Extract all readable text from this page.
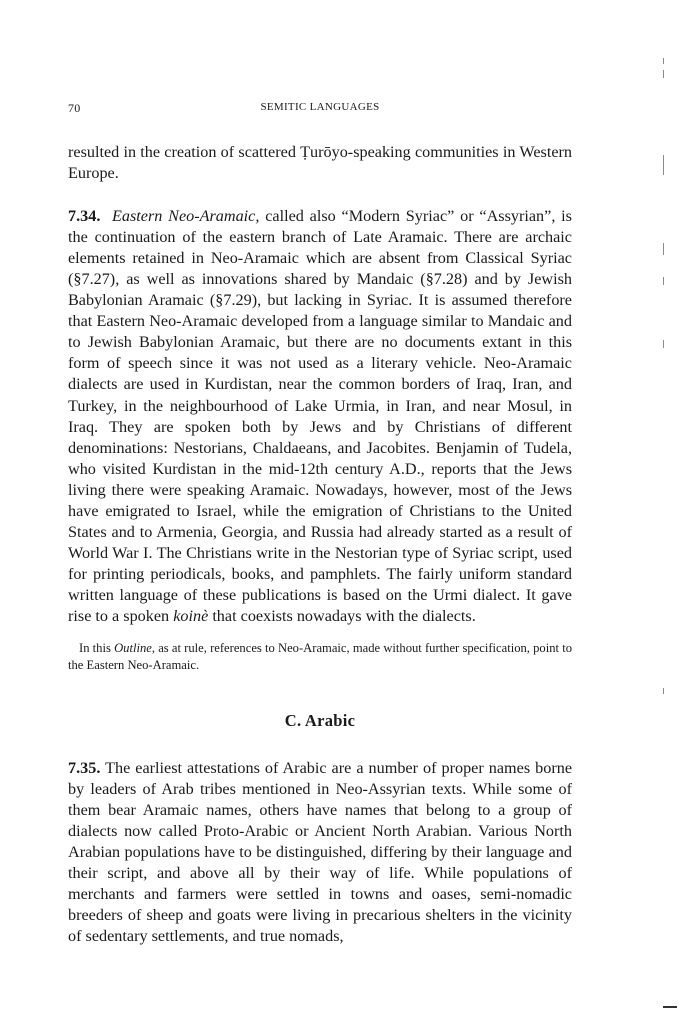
70	SEMITIC LANGUAGES

resulted in the creation of scattered Ṭurōyo-speaking communities in Western Europe.

7.34. Eastern Neo-Aramaic, called also “Modern Syriac” or “Assyrian”, is the continuation of the eastern branch of Late Aramaic. There are archaic elements retained in Neo-Aramaic which are absent from Classical Syriac (§7.27), as well as innovations shared by Mandaic (§7.28) and by Jewish Babylonian Aramaic (§7.29), but lacking in Syriac. It is assumed therefore that Eastern Neo-Aramaic developed from a language similar to Mandaic and to Jewish Babylonian Aramaic, but there are no documents extant in this form of speech since it was not used as a literary vehicle. Neo-Aramaic dialects are used in Kurdistan, near the common borders of Iraq, Iran, and Turkey, in the neighbourhood of Lake Urmia, in Iran, and near Mosul, in Iraq. They are spoken both by Jews and by Christians of different denominations: Nestorians, Chaldaeans, and Jacobites. Benjamin of Tudela, who visited Kurdistan in the mid-12th century A.D., reports that the Jews living there were speaking Aramaic. Nowadays, however, most of the Jews have emigrated to Israel, while the emigration of Christians to the United States and to Armenia, Georgia, and Russia had already started as a result of World War I. The Christians write in the Nestorian type of Syriac script, used for printing periodicals, books, and pamphlets. The fairly uniform standard written language of these publications is based on the Urmi dialect. It gave rise to a spoken koinè that coexists nowadays with the dialects.

In this Outline, as at rule, references to Neo-Aramaic, made without further specification, point to the Eastern Neo-Aramaic.

C. Arabic

7.35. The earliest attestations of Arabic are a number of proper names borne by leaders of Arab tribes mentioned in Neo-Assyrian texts. While some of them bear Aramaic names, others have names that belong to a group of dialects now called Proto-Arabic or Ancient North Arabian. Various North Arabian populations have to be distinguished, differing by their language and their script, and above all by their way of life. While populations of merchants and farmers were settled in towns and oases, semi-nomadic breeders of sheep and goats were living in precarious shelters in the vicinity of sedentary settlements, and true nomads,
